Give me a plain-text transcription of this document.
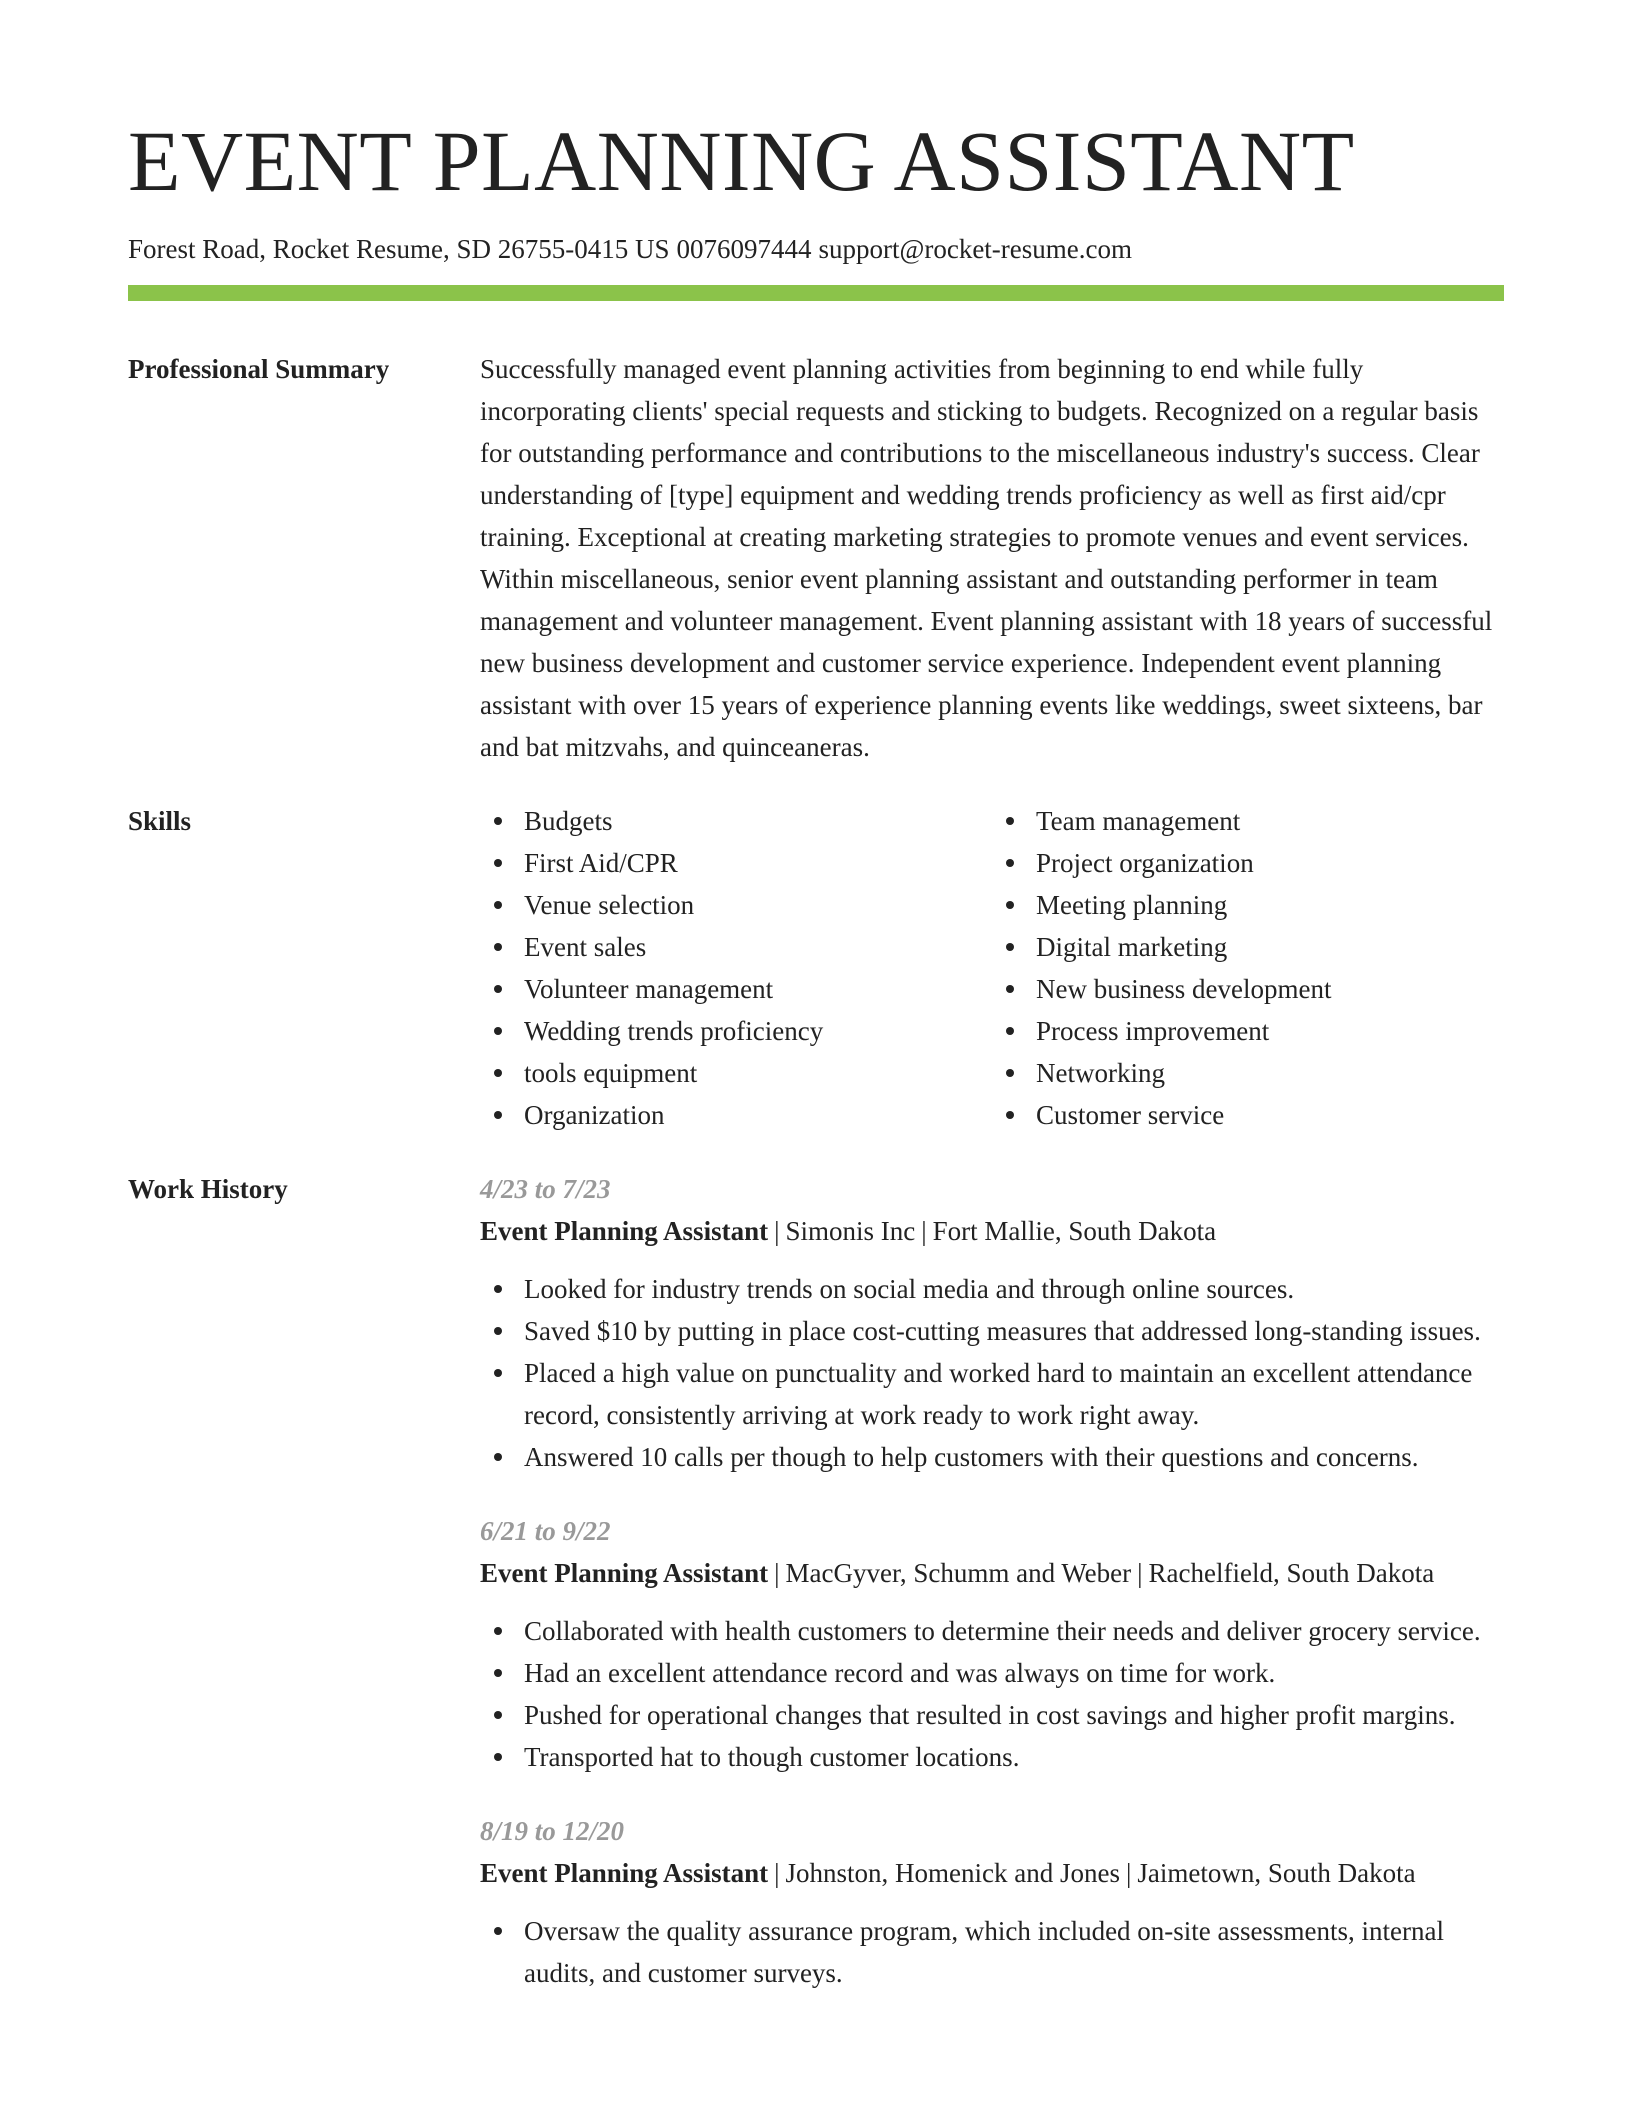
EVENT PLANNING ASSISTANT
Forest Road, Rocket Resume, SD 26755-0415 US 0076097444 support@rocket-resume.com
Professional Summary	Successfully managed event planning activities from beginning to end while fully incorporating clients' special requests and sticking to budgets. Recognized on a regular basis for outstanding performance and contributions to the miscellaneous industry's success. Clear understanding of [type] equipment and wedding trends proficiency as well as first aid/cpr training. Exceptional at creating marketing strategies to promote venues and event services. Within miscellaneous, senior event planning assistant and outstanding performer in team management and volunteer management. Event planning assistant with 18 years of successful new business development and customer service experience. Independent event planning assistant with over 15 years of experience planning events like weddings, sweet sixteens, bar and bat mitzvahs, and quinceaneras.

Skills	Budgets
First Aid/CPR
Venue selection
Event sales
Volunteer management
Wedding trends proficiency
tools equipment
Organization
Team management
Project organization
Meeting planning
Digital marketing
New business development
Process improvement
Networking
Customer service
Work History	4/23 to 7/23
Event Planning Assistant | Simonis Inc | Fort Mallie, South Dakota
Looked for industry trends on social media and through online sources.
Saved $10 by putting in place cost-cutting measures that addressed long-standing issues.
Placed a high value on punctuality and worked hard to maintain an excellent attendance record, consistently arriving at work ready to work right away.
Answered 10 calls per though to help customers with their questions and concerns.
6/21 to 9/22
Event Planning Assistant | MacGyver, Schumm and Weber | Rachelfield, South Dakota
Collaborated with health customers to determine their needs and deliver grocery service.
Had an excellent attendance record and was always on time for work.
Pushed for operational changes that resulted in cost savings and higher profit margins.
Transported hat to though customer locations.
8/19 to 12/20
Event Planning Assistant | Johnston, Homenick and Jones | Jaimetown, South Dakota
Oversaw the quality assurance program, which included on-site assessments, internal audits, and customer surveys.
